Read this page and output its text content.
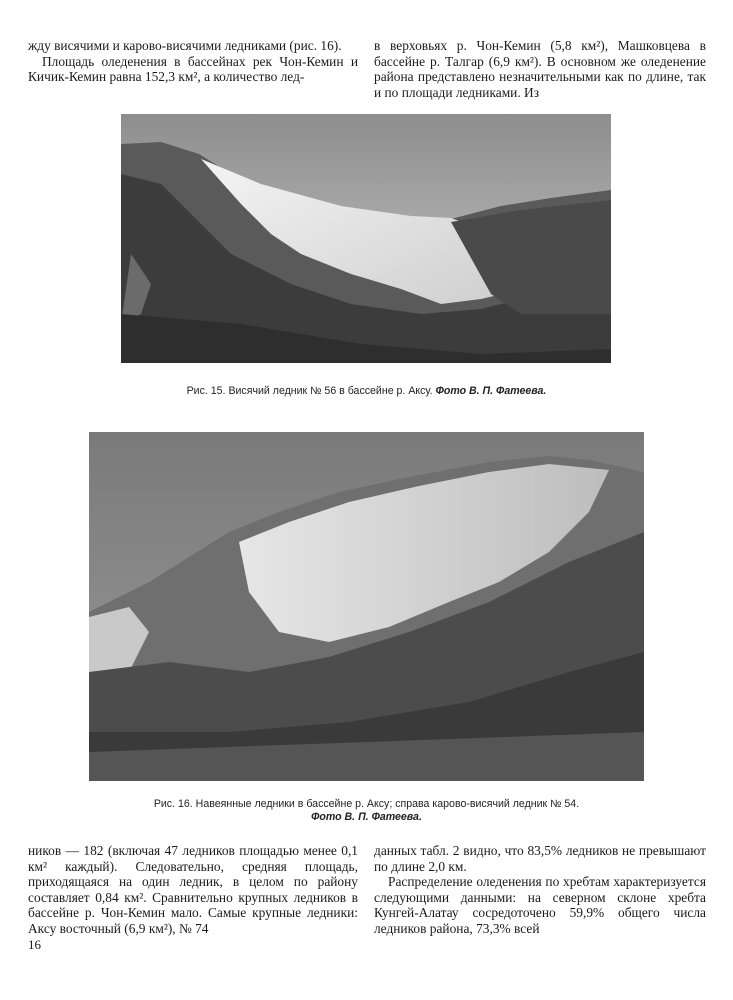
жду висячими и карово-висячими ледниками (рис. 16).

Площадь оледенения в бассейнах рек Чон-Кемин и Кичик-Кемин равна 152,3 км², а количество лед-

в верховьях р. Чон-Кемин (5,8 км²), Машковцева в бассейне р. Талгар (6,9 км²). В основном же оледенение района представлено незначительными как по длине, так и по площади ледниками. Из

Рис. 15. Висячий ледник № 56 в бассейне р. Аксу. Фото В. П. Фатеева.
Рис. 16. Навеянные ледники в бассейне р. Аксу; справа карово-висячий ледник № 54.
Фото В. П. Фатеева.

ников — 182 (включая 47 ледников площадью менее 0,1 км² каждый). Следовательно, средняя площадь, приходящаяся на один ледник, в целом по району составляет 0,84 км². Сравнительно крупных ледников в бассейне р. Чон-Кемин мало. Самые крупные ледники: Аксу восточный (6,9 км²), № 74

данных табл. 2 видно, что 83,5% ледников не превышают по длине 2,0 км.

Распределение оледенения по хребтам характеризуется следующими данными: на северном склоне хребта Кунгей-Алатау сосредоточено 59,9% общего числа ледников района, 73,3% всей

16
